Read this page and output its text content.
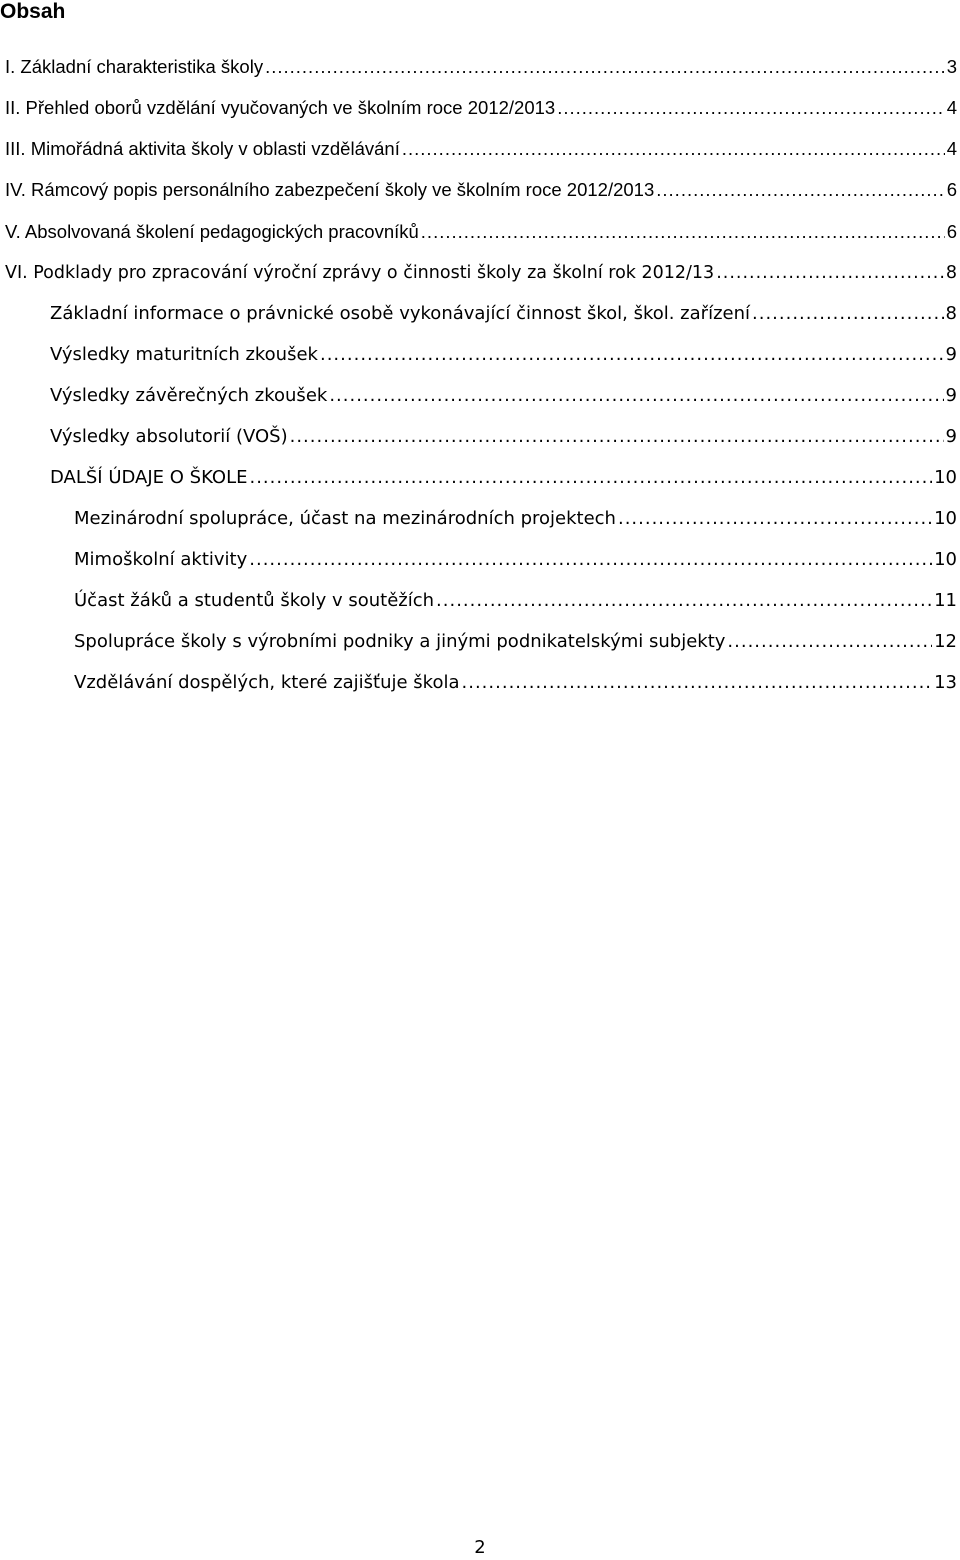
Obsah
I. Základní charakteristika školy .....	3
II. Přehled oborů vzdělání vyučovaných ve školním roce 2012/2013 .....	4
III. Mimořádná aktivita školy v oblasti vzdělávání .....	4
IV. Rámcový popis personálního zabezpečení školy ve školním roce 2012/2013 .....	6
V. Absolvovaná školení pedagogických pracovníků .....	6
VI. Podklady pro zpracování výroční zprávy o činnosti školy za školní rok 2012/13 .....	8
Základní informace o právnické osobě vykonávající činnost škol, škol. zařízení .....	8
Výsledky maturitních zkoušek .....	9
Výsledky závěrečných zkoušek .....	9
Výsledky absolutorií (VOŠ) .....	9
DALŠÍ ÚDAJE O ŠKOLE .....	10
Mezinárodní spolupráce, účast na mezinárodních projektech .....	10
Mimoškolní aktivity .....	10
Účast žáků a studentů školy v soutěžích .....	11
Spolupráce školy s výrobními podniky a jinými podnikatelskými subjekty .....	12
Vzdělávání dospělých, které zajišťuje škola .....	13
2
